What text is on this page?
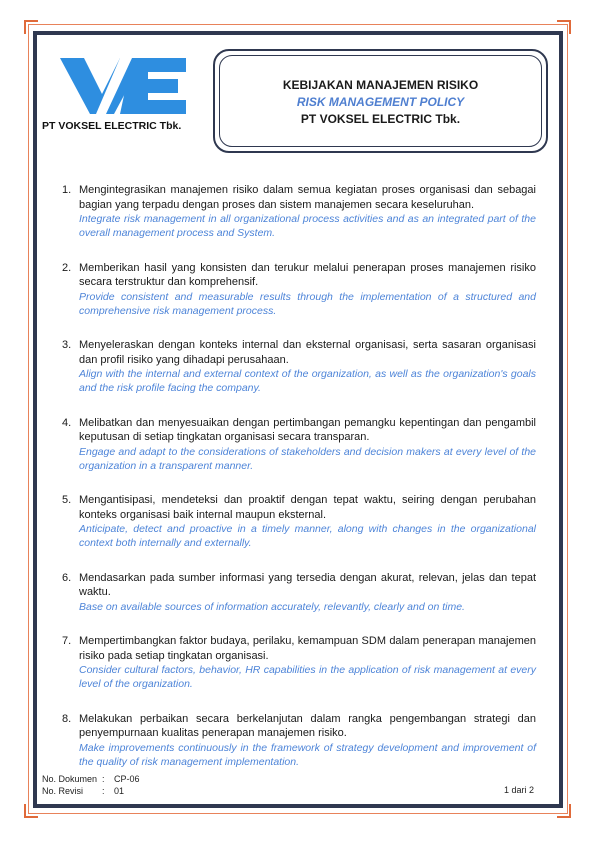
PT VOKSEL ELECTRIC Tbk.
KEBIJAKAN MANAJEMEN RISIKO
RISK MANAGEMENT POLICY
PT VOKSEL ELECTRIC Tbk.
1. Mengintegrasikan manajemen risiko dalam semua kegiatan proses organisasi dan sebagai bagian yang terpadu dengan proses dan sistem manajemen secara keseluruhan.
Integrate risk management in all organizational process activities and as an integrated part of the overall management process and System.
2. Memberikan hasil yang konsisten dan terukur melalui penerapan proses manajemen risiko secara terstruktur dan komprehensif.
Provide consistent and measurable results through the implementation of a structured and comprehensive risk management process.
3. Menyeleraskan dengan konteks internal dan eksternal organisasi, serta sasaran organisasi dan profil risiko yang dihadapi perusahaan.
Align with the internal and external context of the organization, as well as the organization's goals and the risk profile facing the company.
4. Melibatkan dan menyesuaikan dengan pertimbangan pemangku kepentingan dan pengambil keputusan di setiap tingkatan organisasi secara transparan.
Engage and adapt to the considerations of stakeholders and decision makers at every level of the organization in a transparent manner.
5. Mengantisipasi, mendeteksi dan proaktif dengan tepat waktu, seiring dengan perubahan konteks organisasi baik internal maupun eksternal.
Anticipate, detect and proactive in a timely manner, along with changes in the organizational context both internally and externally.
6. Mendasarkan pada sumber informasi yang tersedia dengan akurat, relevan, jelas dan tepat waktu.
Base on available sources of information accurately, relevantly, clearly and on time.
7. Mempertimbangkan faktor budaya, perilaku, kemampuan SDM dalam penerapan manajemen risiko pada setiap tingkatan organisasi.
Consider cultural factors, behavior, HR capabilities in the application of risk management at every level of the organization.
8. Melakukan perbaikan secara berkelanjutan dalam rangka pengembangan strategi dan penyempurnaan kualitas penerapan manajemen risiko.
Make improvements continuously in the framework of strategy development and improvement of the quality of risk management implementation.
No. Dokumen : CP-06
No. Revisi : 01	1 dari 2
